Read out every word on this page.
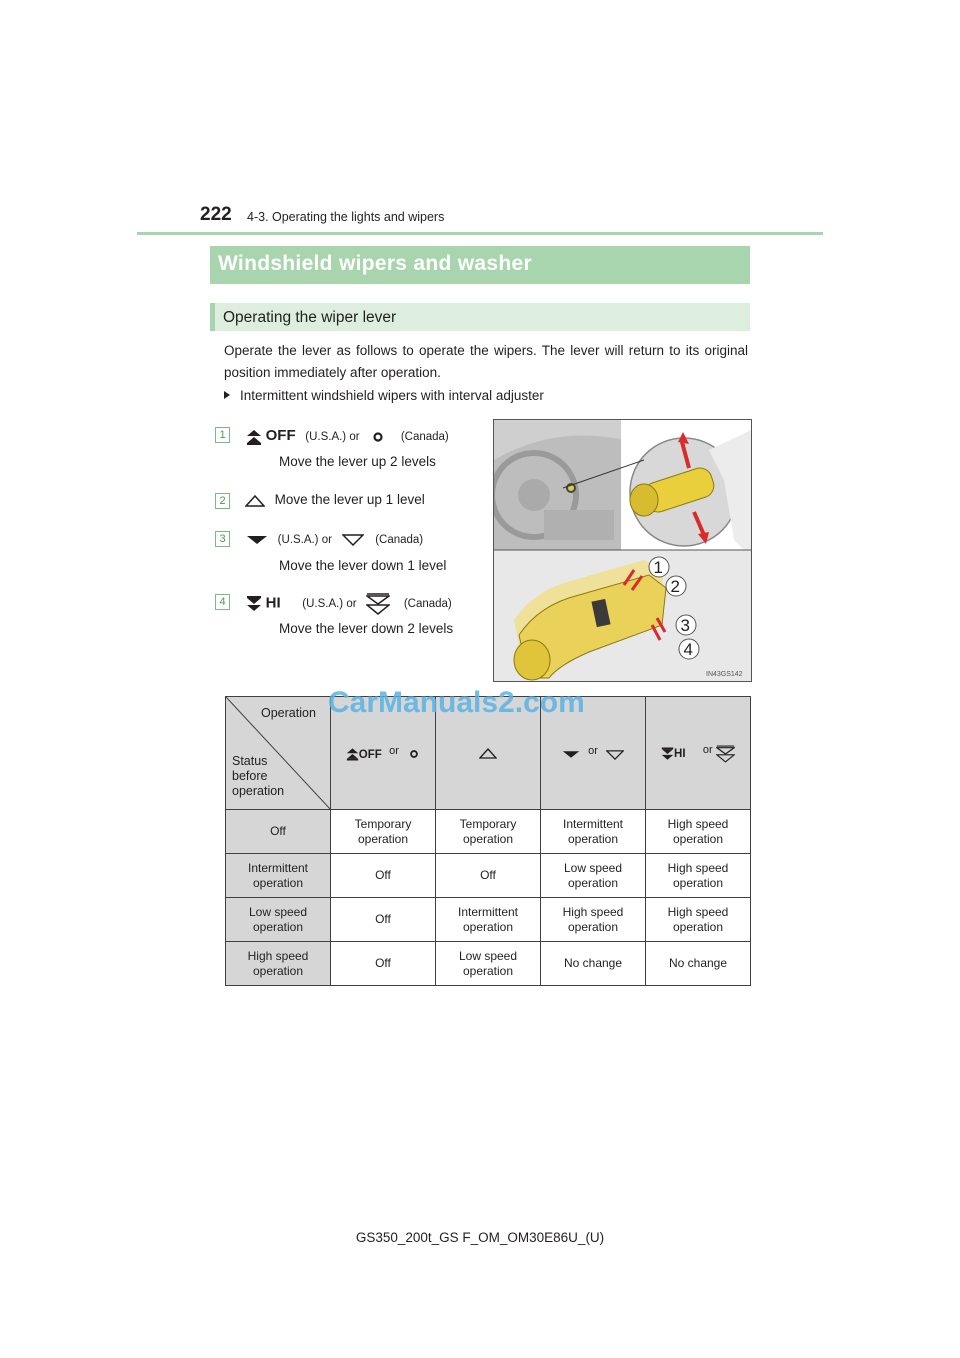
222 4-3. Operating the lights and wipers
Windshield wipers and washer
Operating the wiper lever
Operate the lever as follows to operate the wipers. The lever will return to its original position immediately after operation.
Intermittent windshield wipers with interval adjuster
1	OFF (U.S.A.) or	(Canada)
Move the lever up 2 levels
2	Move the lever up 1 level
3	(U.S.A.) or	(Canada)
Move the lever down 1 level
4	HI (U.S.A.) or	(Canada)
Move the lever down 2 levels
1
2
3
4
IN43GS142
Operation
Status
before
operation	OFF or		or	HI or
Off	Temporary operation	Temporary operation	Intermittent operation	High speed operation
Intermittent operation	Off	Off	Low speed operation	High speed operation
Low speed operation	Off	Intermittent operation	High speed operation	High speed operation
High speed operation	Off	Low speed operation	No change	No change
CarManuals2.com
GS350_200t_GS F_OM_OM30E86U_(U)
